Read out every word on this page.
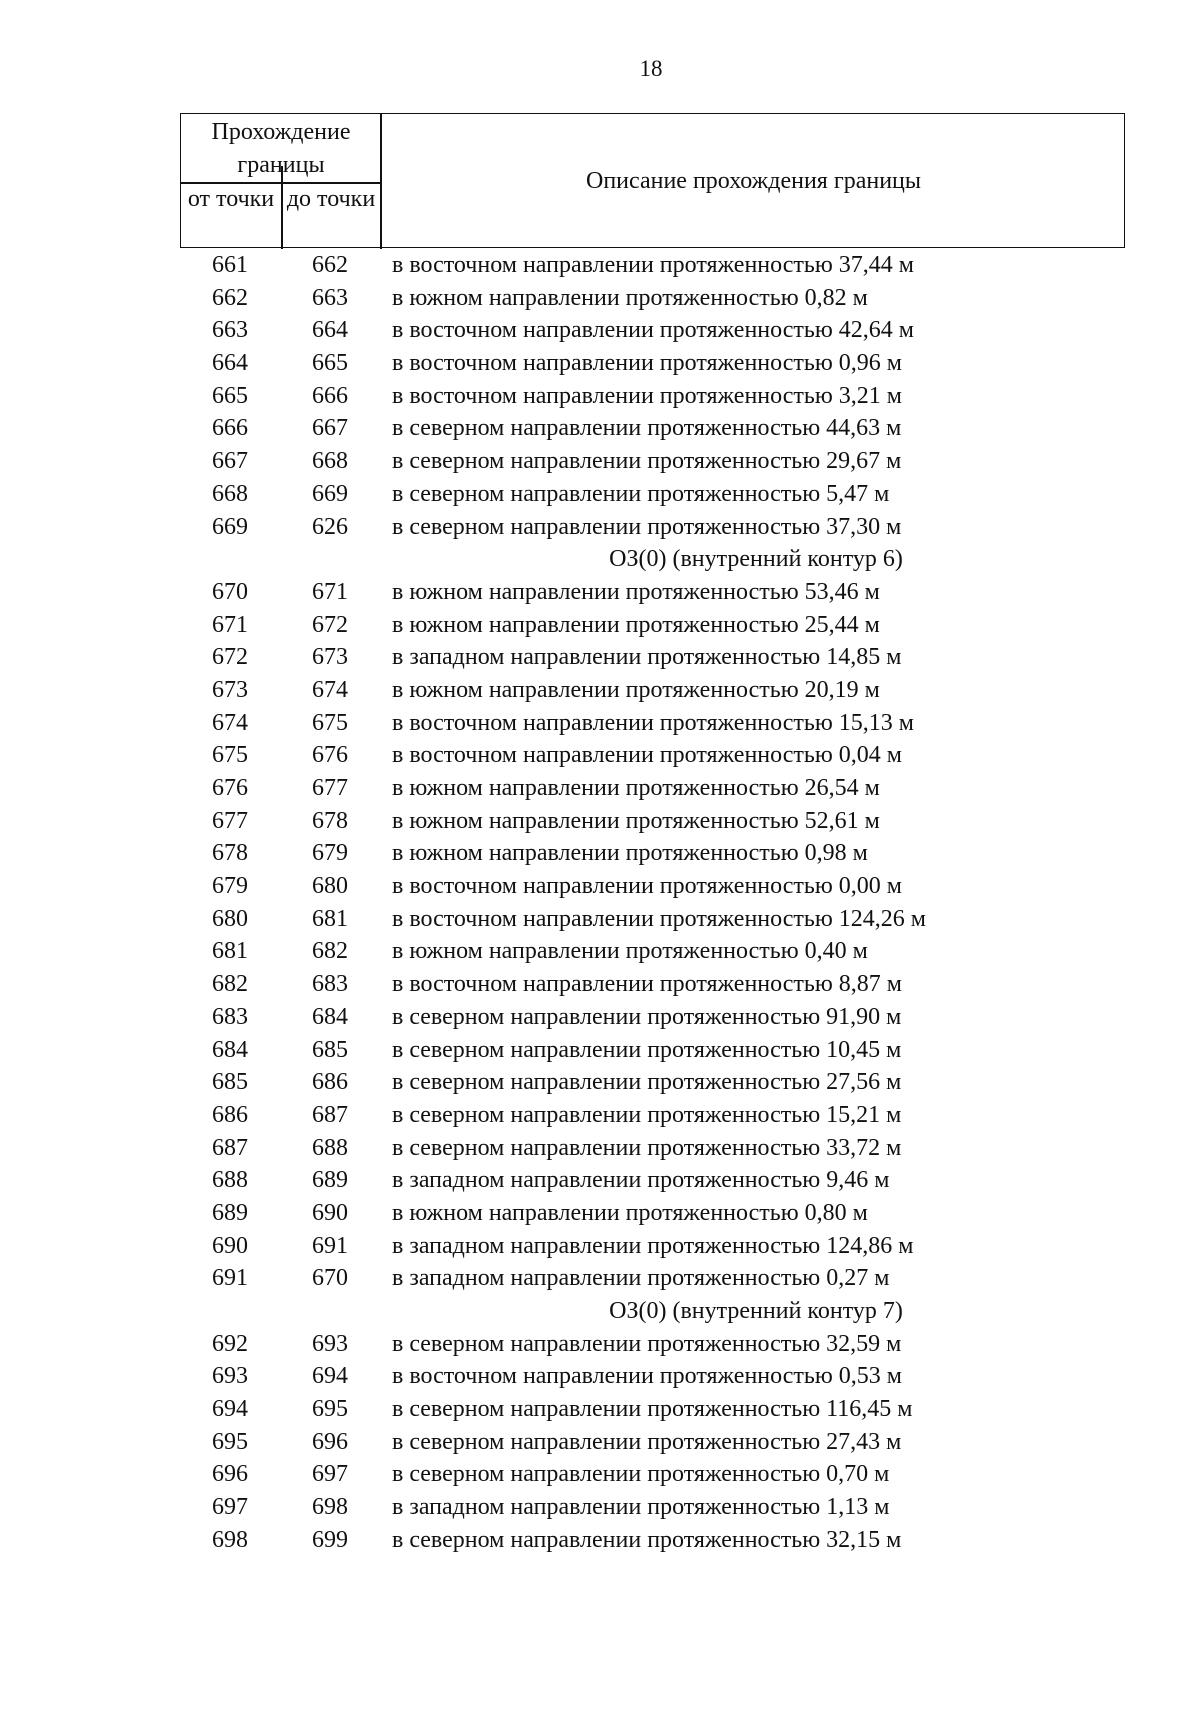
18
Прохождение границы
от точки до точки
Описание прохождения границы
661	662	в восточном направлении протяженностью 37,44 м
662	663	в южном направлении протяженностью 0,82 м
663	664	в восточном направлении протяженностью 42,64 м
664	665	в восточном направлении протяженностью 0,96 м
665	666	в восточном направлении протяженностью 3,21 м
666	667	в северном направлении протяженностью 44,63 м
667	668	в северном направлении протяженностью 29,67 м
668	669	в северном направлении протяженностью 5,47 м
669	626	в северном направлении протяженностью 37,30 м
ОЗ(0) (внутренний контур 6)
670	671	в южном направлении протяженностью 53,46 м
671	672	в южном направлении протяженностью 25,44 м
672	673	в западном направлении протяженностью 14,85 м
673	674	в южном направлении протяженностью 20,19 м
674	675	в восточном направлении протяженностью 15,13 м
675	676	в восточном направлении протяженностью 0,04 м
676	677	в южном направлении протяженностью 26,54 м
677	678	в южном направлении протяженностью 52,61 м
678	679	в южном направлении протяженностью 0,98 м
679	680	в восточном направлении протяженностью 0,00 м
680	681	в восточном направлении протяженностью 124,26 м
681	682	в южном направлении протяженностью 0,40 м
682	683	в восточном направлении протяженностью 8,87 м
683	684	в северном направлении протяженностью 91,90 м
684	685	в северном направлении протяженностью 10,45 м
685	686	в северном направлении протяженностью 27,56 м
686	687	в северном направлении протяженностью 15,21 м
687	688	в северном направлении протяженностью 33,72 м
688	689	в западном направлении протяженностью 9,46 м
689	690	в южном направлении протяженностью 0,80 м
690	691	в западном направлении протяженностью 124,86 м
691	670	в западном направлении протяженностью 0,27 м
ОЗ(0) (внутренний контур 7)
692	693	в северном направлении протяженностью 32,59 м
693	694	в восточном направлении протяженностью 0,53 м
694	695	в северном направлении протяженностью 116,45 м
695	696	в северном направлении протяженностью 27,43 м
696	697	в северном направлении протяженностью 0,70 м
697	698	в западном направлении протяженностью 1,13 м
698	699	в северном направлении протяженностью 32,15 м
